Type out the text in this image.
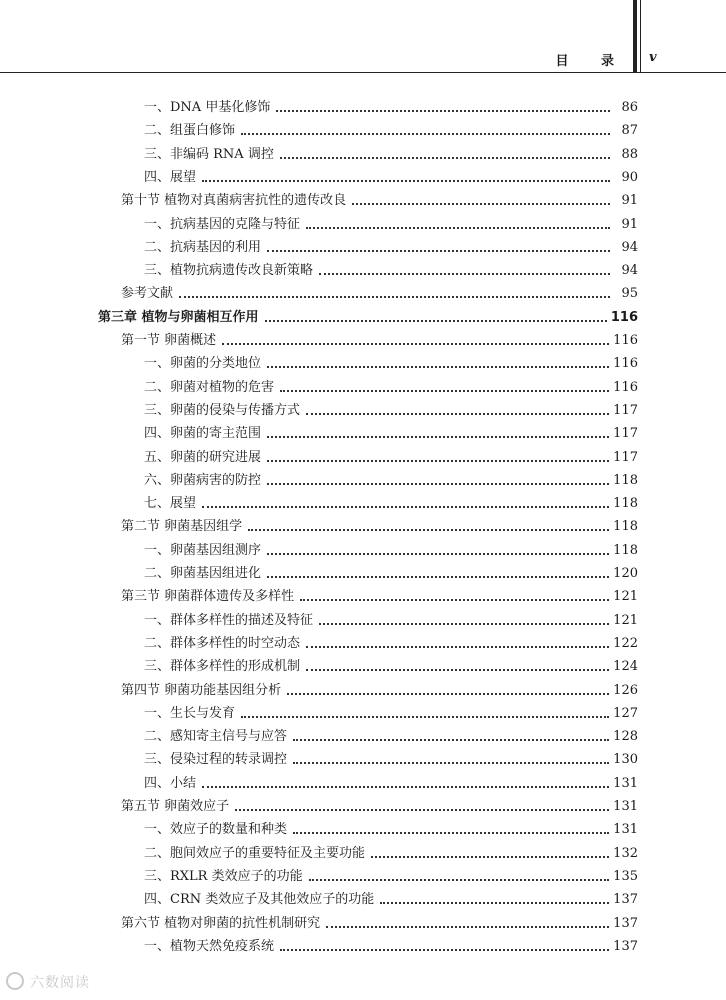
目 录 v
一、DNA 甲基化修饰	86
二、组蛋白修饰	87
三、非编码 RNA 调控	88
四、展望	90
第十节 植物对真菌病害抗性的遗传改良	91
一、抗病基因的克隆与特征	91
二、抗病基因的利用	94
三、植物抗病遗传改良新策略	94
参考文献	95
第三章 植物与卵菌相互作用	116
第一节 卵菌概述	116
一、卵菌的分类地位	116
二、卵菌对植物的危害	116
三、卵菌的侵染与传播方式	117
四、卵菌的寄主范围	117
五、卵菌的研究进展	117
六、卵菌病害的防控	118
七、展望	118
第二节 卵菌基因组学	118
一、卵菌基因组测序	118
二、卵菌基因组进化	120
第三节 卵菌群体遗传及多样性	121
一、群体多样性的描述及特征	121
二、群体多样性的时空动态	122
三、群体多样性的形成机制	124
第四节 卵菌功能基因组分析	126
一、生长与发育	127
二、感知寄主信号与应答	128
三、侵染过程的转录调控	130
四、小结	131
第五节 卵菌效应子	131
一、效应子的数量和种类	131
二、胞间效应子的重要特征及主要功能	132
三、RXLR 类效应子的功能	135
四、CRN 类效应子及其他效应子的功能	137
第六节 植物对卵菌的抗性机制研究	137
一、植物天然免疫系统	137
六数阅读
